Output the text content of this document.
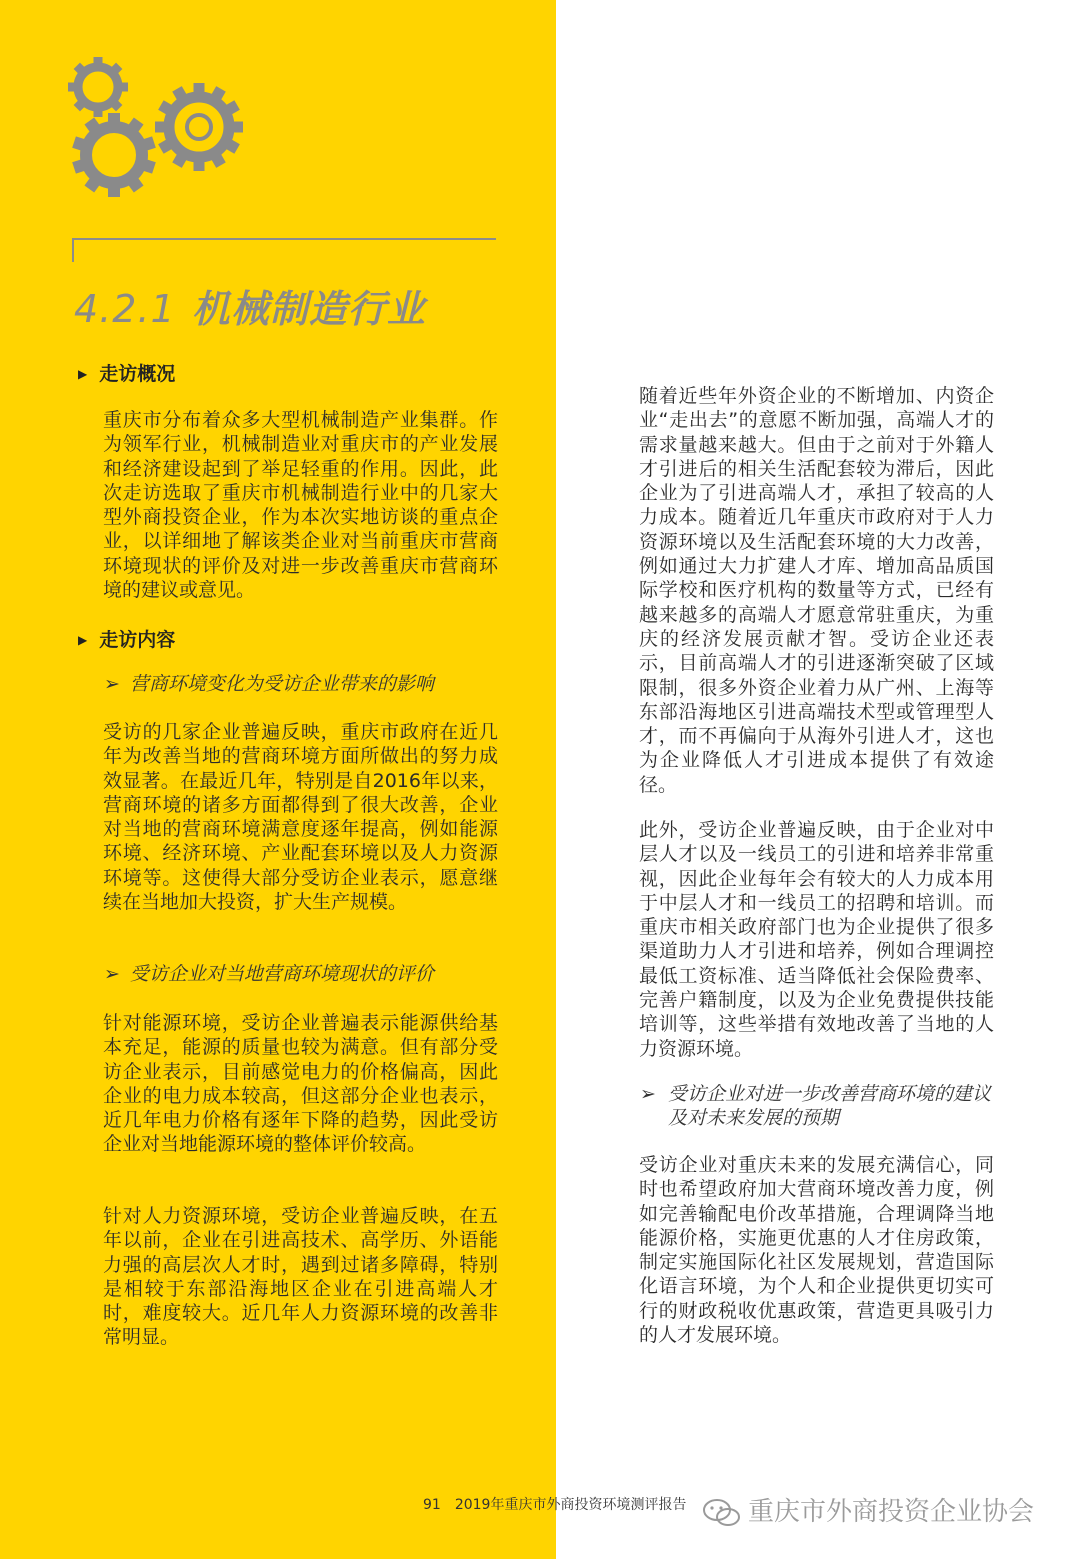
4.2.1 机械制造行业
▶ 走访概况

重庆市分布着众多大型机械制造产业集群。作为领军行业，机械制造业对重庆市的产业发展和经济建设起到了举足轻重的作用。因此，此次走访选取了重庆市机械制造行业中的几家大型外商投资企业，作为本次实地访谈的重点企业，以详细地了解该类企业对当前重庆市营商环境现状的评价及对进一步改善重庆市营商环境的建议或意见。

▶ 走访内容
➢ 营商环境变化为受访企业带来的影响

受访的几家企业普遍反映，重庆市政府在近几年为改善当地的营商环境方面所做出的努力成效显著。在最近几年，特别是自2016年以来，营商环境的诸多方面都得到了很大改善，企业对当地的营商环境满意度逐年提高，例如能源环境、经济环境、产业配套环境以及人力资源环境等。这使得大部分受访企业表示，愿意继续在当地加大投资，扩大生产规模。

➢ 受访企业对当地营商环境现状的评价

针对能源环境，受访企业普遍表示能源供给基本充足，能源的质量也较为满意。但有部分受访企业表示，目前感觉电力的价格偏高，因此企业的电力成本较高，但这部分企业也表示，近几年电力价格有逐年下降的趋势，因此受访企业对当地能源环境的整体评价较高。

针对人力资源环境，受访企业普遍反映，在五年以前，企业在引进高技术、高学历、外语能力强的高层次人才时，遇到过诸多障碍，特别是相较于东部沿海地区企业在引进高端人才时，难度较大。近几年人力资源环境的改善非常明显。

随着近些年外资企业的不断增加、内资企业“走出去”的意愿不断加强，高端人才的需求量越来越大。但由于之前对于外籍人才引进后的相关生活配套较为滞后，因此企业为了引进高端人才，承担了较高的人力成本。随着近几年重庆市政府对于人力资源环境以及生活配套环境的大力改善，例如通过大力扩建人才库、增加高品质国际学校和医疗机构的数量等方式，已经有越来越多的高端人才愿意常驻重庆，为重庆的经济发展贡献才智。受访企业还表示，目前高端人才的引进逐渐突破了区域限制，很多外资企业着力从广州、上海等东部沿海地区引进高端技术型或管理型人才，而不再偏向于从海外引进人才，这也为企业降低人才引进成本提供了有效途径。

此外，受访企业普遍反映，由于企业对中层人才以及一线员工的引进和培养非常重视，因此企业每年会有较大的人力成本用于中层人才和一线员工的招聘和培训。而重庆市相关政府部门也为企业提供了很多渠道助力人才引进和培养，例如合理调控最低工资标准、适当降低社会保险费率、完善户籍制度，以及为企业免费提供技能培训等，这些举措有效地改善了当地的人力资源环境。

➢ 受访企业对进一步改善营商环境的建议及对未来发展的预期

受访企业对重庆未来的发展充满信心，同时也希望政府加大营商环境改善力度，例如完善输配电价改革措施，合理调降当地能源价格，实施更优惠的人才住房政策，制定实施国际化社区发展规划，营造国际化语言环境，为个人和企业提供更切实可行的财政税收优惠政策，营造更具吸引力的人才发展环境。

91 2019年重庆市外商投资环境测评报告	重庆市外商投资企业协会
